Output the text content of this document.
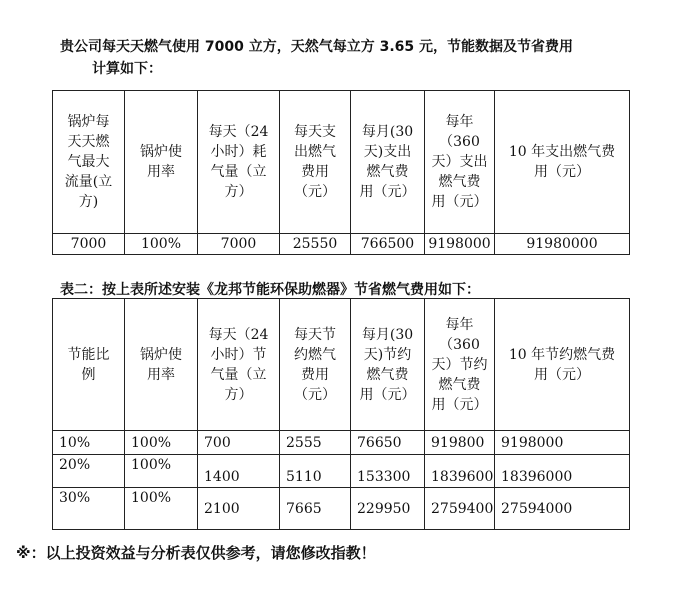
贵公司每天天燃气使用 7000 立方，天然气每立方 3.65 元，节能数据及节省费用
计算如下：
锅炉每
天天燃
气最大
流量(立
方)	锅炉使
用率	每天（24
小时）耗
气量（立
方）	每天支
出燃气
费用
（元）	每月(30
天)支出
燃气费
用（元）	每年
（360
天）支出
燃气费
用（元）	10 年支出燃气费
用（元）
7000	100%	7000	25550	766500	9198000	91980000
表二：按上表所述安装《龙邦节能环保助燃器》节省燃气费用如下：
节能比
例	锅炉使
用率	每天（24
小时）节
气量（立
方）	每天节
约燃气
费用
（元）	每月(30
天)节约
燃气费
用（元）	每年
（360
天）节约
燃气费
用（元）	10 年节约燃气费
用（元）
10%	100%	700	2555	76650	919800	9198000
20%	100%	1400	5110	153300	1839600	18396000
30%	100%	2100	7665	229950	2759400	27594000
※：以上投资效益与分析表仅供参考，请您修改指教！
